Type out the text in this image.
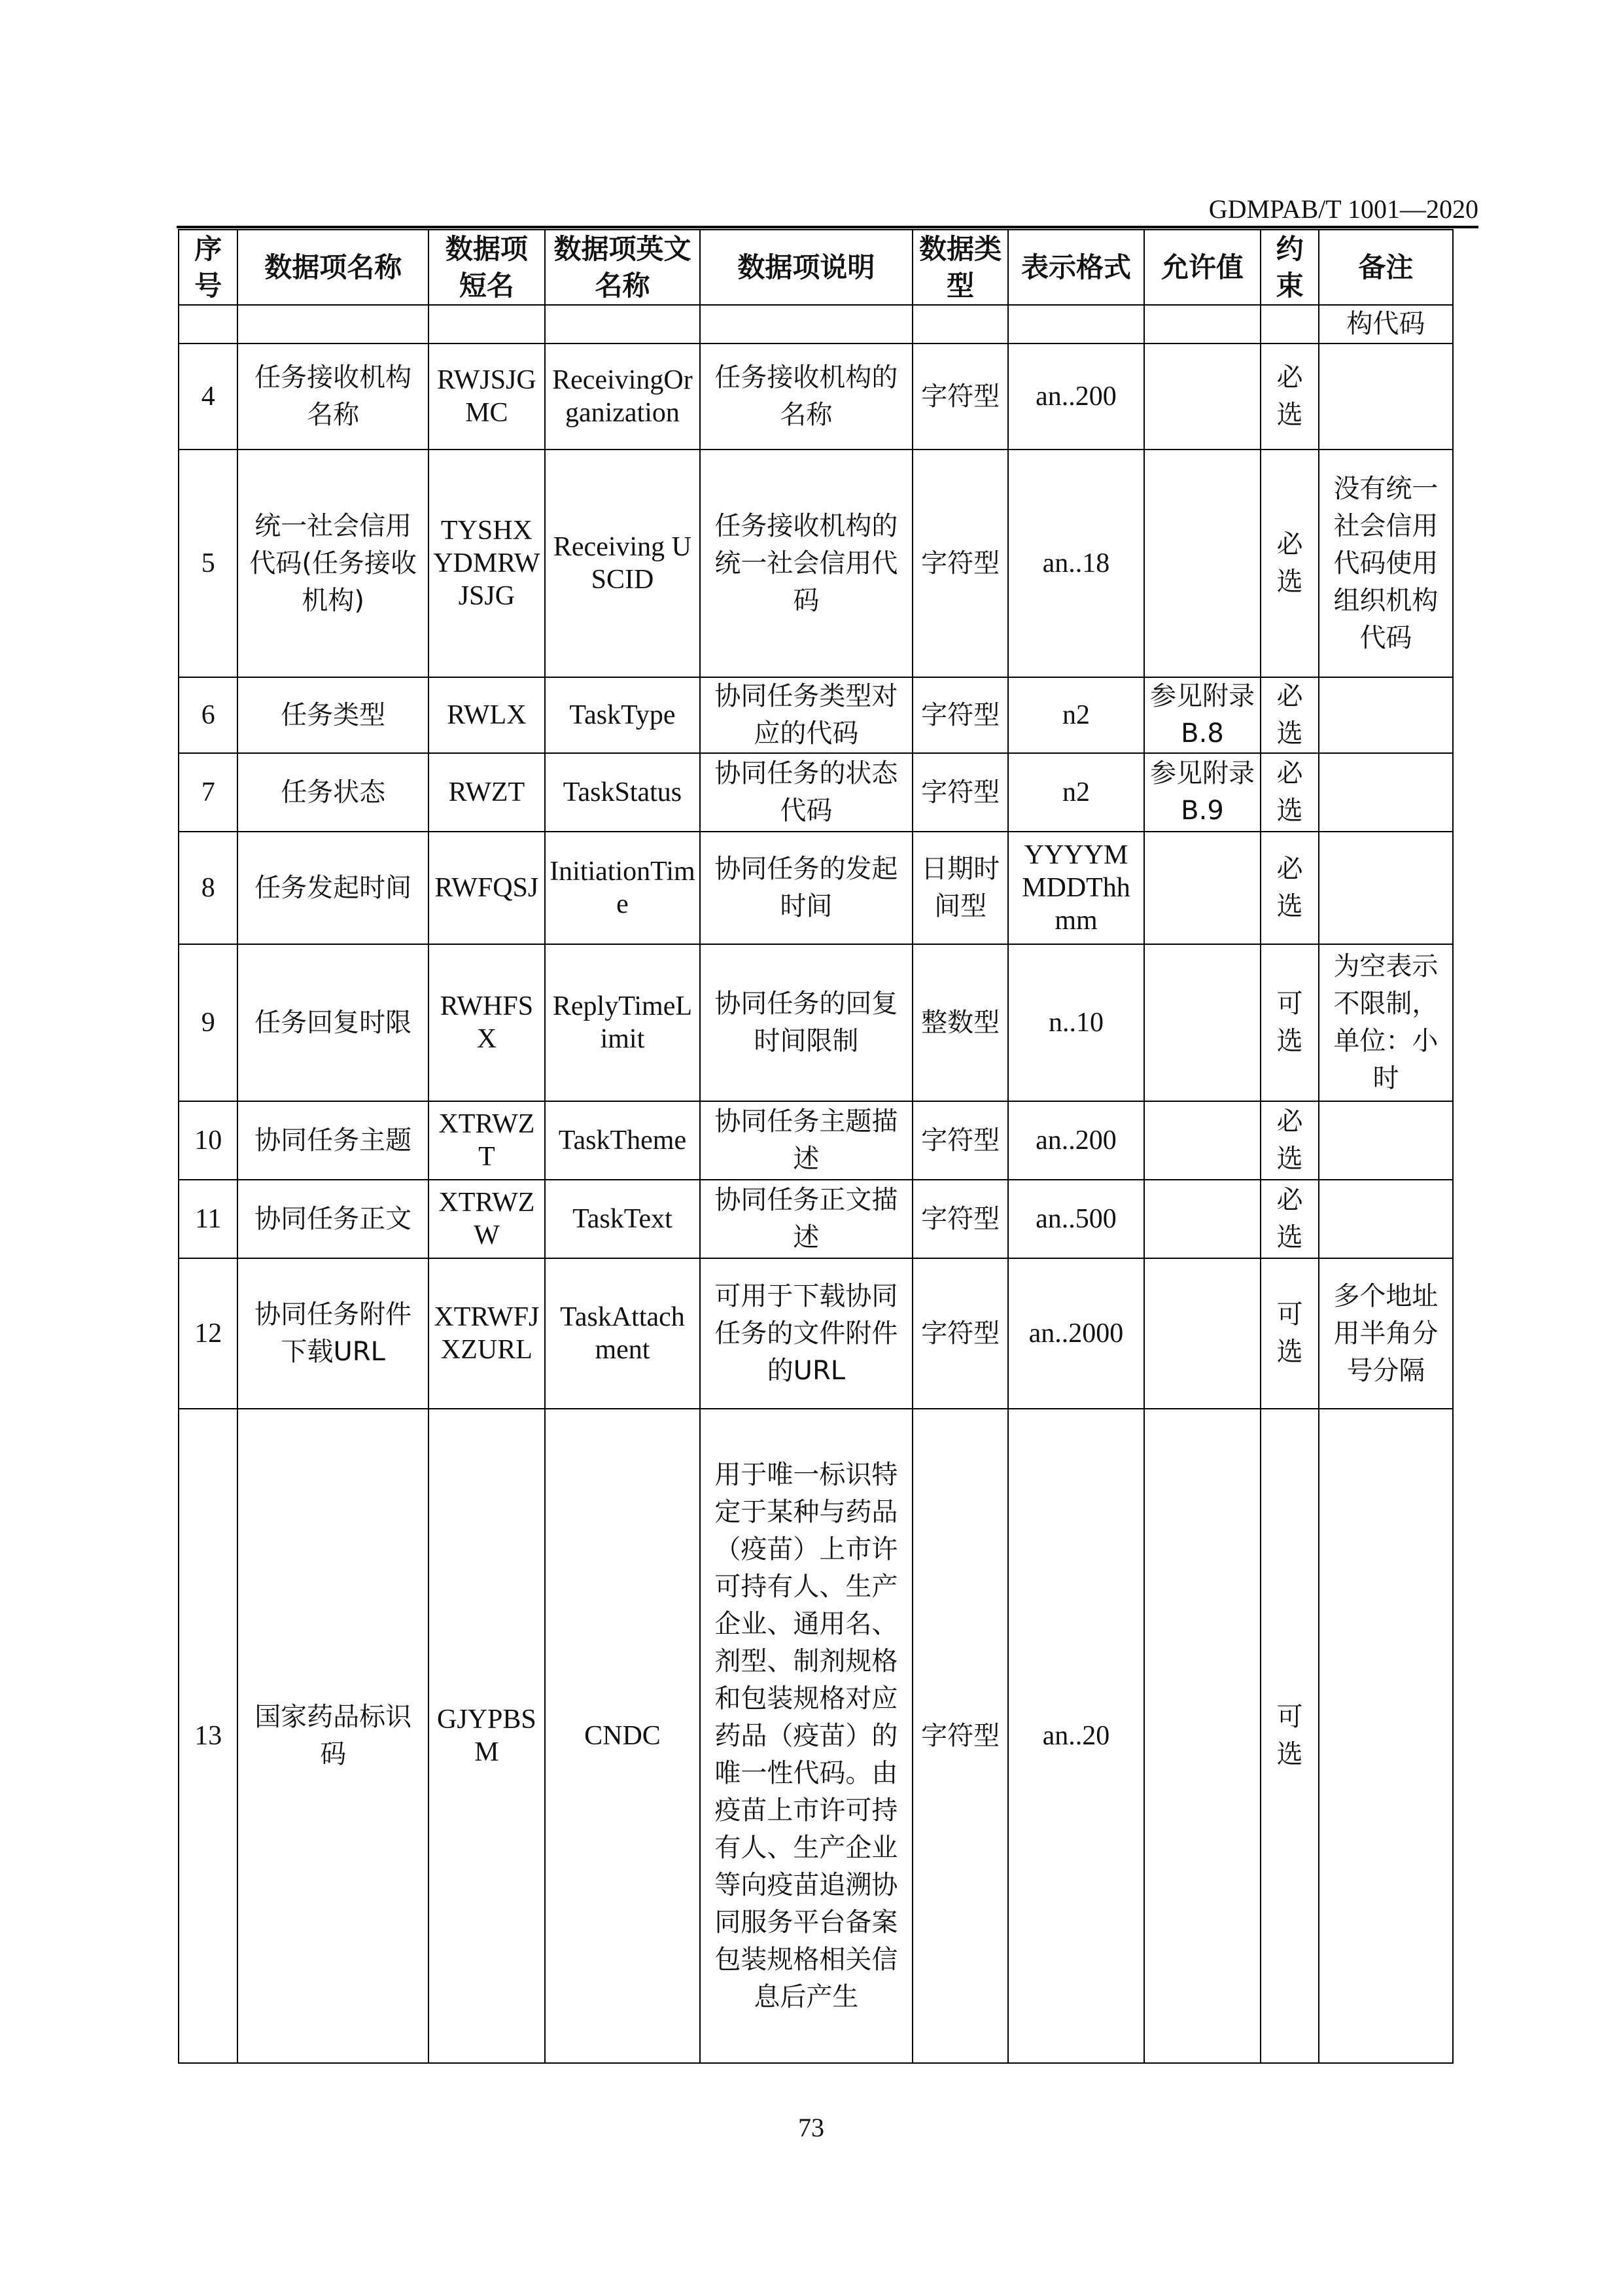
GDMPAB/T 1001—2020
序号	数据项名称	数据项短名	数据项英文名称	数据项说明	数据类型	表示格式	允许值	约束	备注
									构代码
4	任务接收机构名称	RWJSJGMC	ReceivingOrganization	任务接收机构的名称	字符型	an..200		必选	
5	统一社会信用代码(任务接收机构)	TYSHXYDMRWJSJG	Receiving USCID	任务接收机构的统一社会信用代码	字符型	an..18		必选	没有统一社会信用代码使用组织机构代码
6	任务类型	RWLX	TaskType	协同任务类型对应的代码	字符型	n2	参见附录B.8	必选	
7	任务状态	RWZT	TaskStatus	协同任务的状态代码	字符型	n2	参见附录B.9	必选	
8	任务发起时间	RWFQSJ	InitiationTime	协同任务的发起时间	日期时间型	YYYYMMDDThhmm		必选	
9	任务回复时限	RWHFSX	ReplyTimeLimit	协同任务的回复时间限制	整数型	n..10		可选	为空表示不限制，单位：小时
10	协同任务主题	XTRWZT	TaskTheme	协同任务主题描述	字符型	an..200		必选	
11	协同任务正文	XTRWZW	TaskText	协同任务正文描述	字符型	an..500		必选	
12	协同任务附件下载URL	XTRWFJXZURL	TaskAttachment	可用于下载协同任务的文件附件的URL	字符型	an..2000		可选	多个地址用半角分号分隔
13	国家药品标识码	GJYPBSM	CNDC	用于唯一标识特定于某种与药品（疫苗）上市许可持有人、生产企业、通用名、剂型、制剂规格和包装规格对应药品（疫苗）的唯一性代码。由疫苗上市许可持有人、生产企业等向疫苗追溯协同服务平台备案包装规格相关信息后产生	字符型	an..20		可选	
73
